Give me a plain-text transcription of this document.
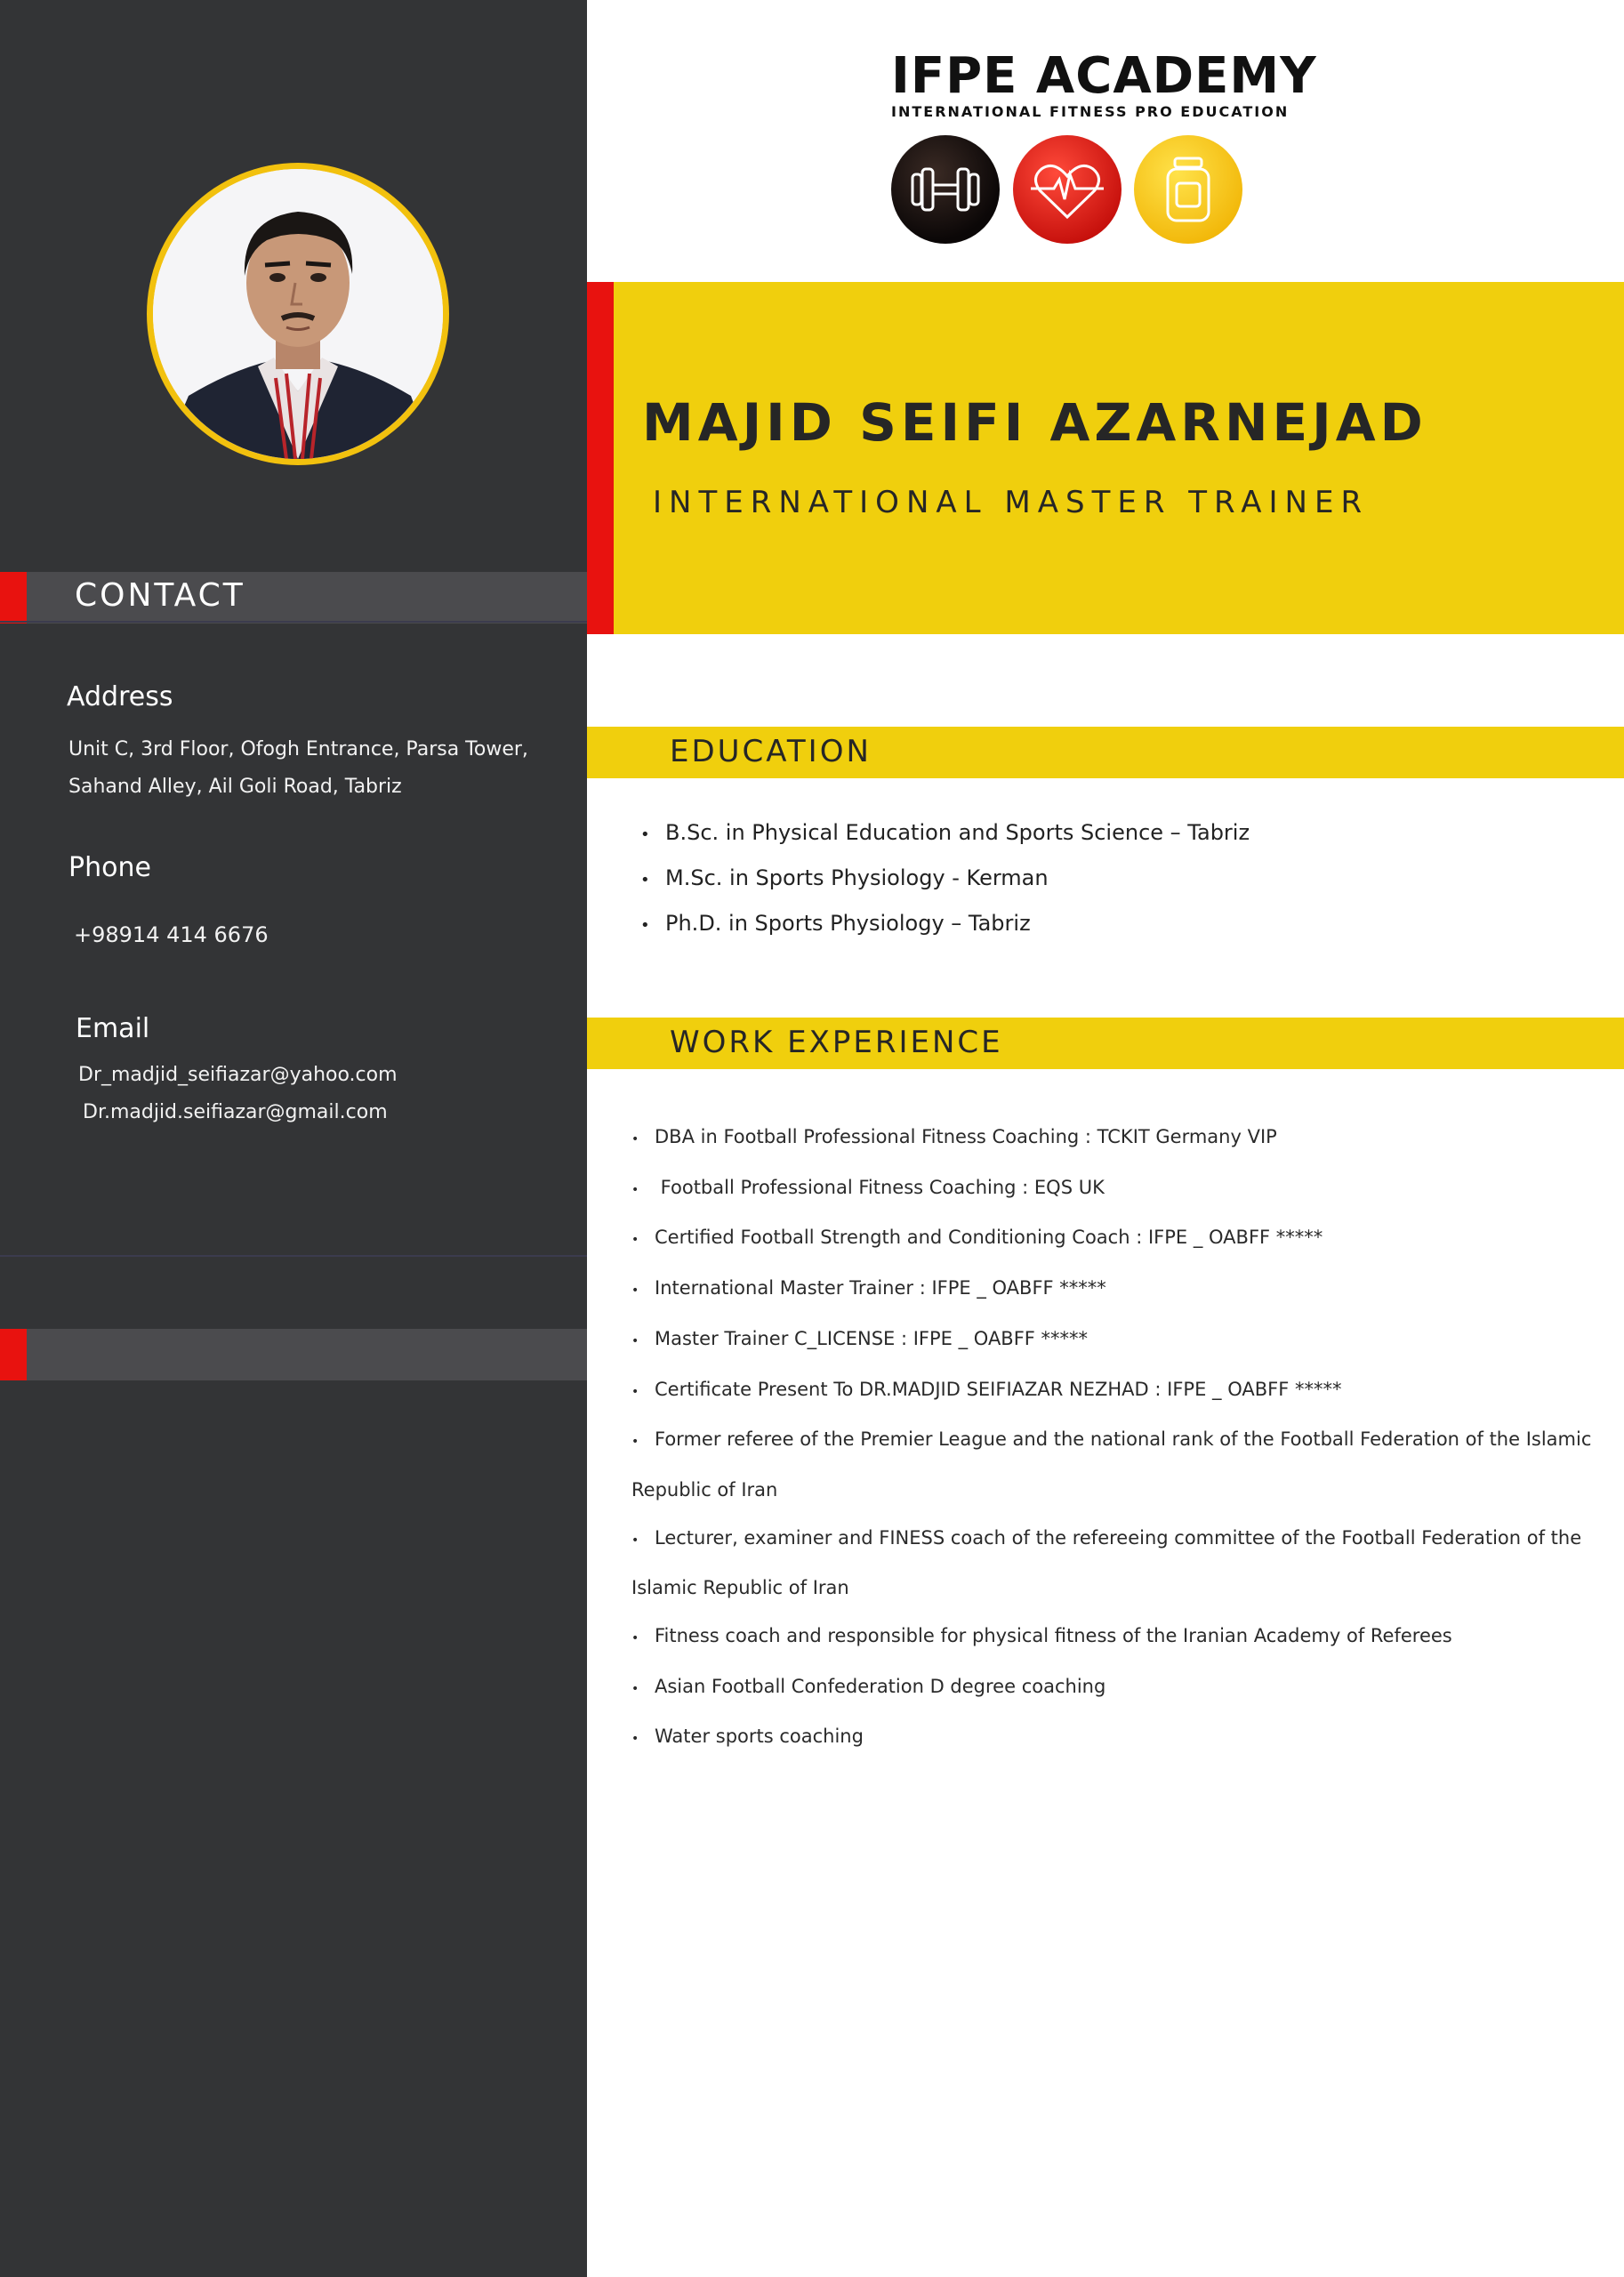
CONTACT
Address
Unit C, 3rd Floor, Ofogh Entrance, Parsa Tower,
Sahand Alley, Ail Goli Road, Tabriz
Phone
+98914 414 6676
Email
Dr_madjid_seifiazar@yahoo.com
Dr.madjid.seifiazar@gmail.com
IFPE ACADEMY
INTERNATIONAL FITNESS PRO EDUCATION
MAJID SEIFI AZARNEJAD
INTERNATIONAL MASTER TRAINER
EDUCATION
• B.Sc. in Physical Education and Sports Science – Tabriz
• M.Sc. in Sports Physiology - Kerman
• Ph.D. in Sports Physiology – Tabriz
WORK EXPERIENCE
• DBA in Football Professional Fitness Coaching : TCKIT Germany VIP
• Football Professional Fitness Coaching : EQS UK
• Certified Football Strength and Conditioning Coach : IFPE _ OABFF *****
• International Master Trainer : IFPE _ OABFF *****
• Master Trainer C_LICENSE : IFPE _ OABFF *****
• Certificate Present To DR.MADJID SEIFIAZAR NEZHAD : IFPE _ OABFF *****
• Former referee of the Premier League and the national rank of the Football Federation of the Islamic Republic of Iran
• Lecturer, examiner and FINESS coach of the refereeing committee of the Football Federation of the Islamic Republic of Iran
• Fitness coach and responsible for physical fitness of the Iranian Academy of Referees
• Asian Football Confederation D degree coaching
• Water sports coaching
